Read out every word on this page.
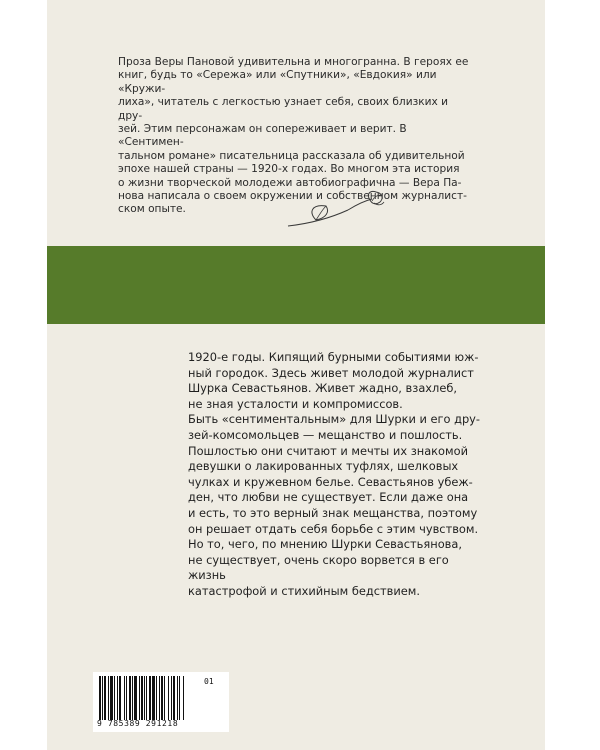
Проза Веры Пановой удивительна и многогранна. В героях ее
книг, будь то «Сережа» или «Спутники», «Евдокия» или «Кружи-
лиха», читатель с легкостью узнает себя, своих близких и дру-
зей. Этим персонажам он сопереживает и верит. В «Сентимен-
тальном романе» писательница рассказала об удивительной
эпохе нашей страны — 1920-х годах. Во многом эта история
о жизни творческой молодежи автобиографична — Вера Па-
нова написала о своем окружении и собственном журналист-
ском опыте.

1920-е годы. Кипящий бурными событиями юж-
ный городок. Здесь живет молодой журналист
Шурка Севастьянов. Живет жадно, взахлеб,
не зная усталости и компромиссов.
Быть «сентиментальным» для Шурки и его дру-
зей-комсомольцев — мещанство и пошлость.
Пошлостью они считают и мечты их знакомой
девушки о лакированных туфлях, шелковых
чулках и кружевном белье. Севастьянов убеж-
ден, что любви не существует. Если даже она
и есть, то это верный знак мещанства, поэтому
он решает отдать себя борьбе с этим чувством.
Но то, чего, по мнению Шурки Севастьянова,
не существует, очень скоро ворвется в его жизнь
катастрофой и стихийным бедствием.

9 785389 291218
01
